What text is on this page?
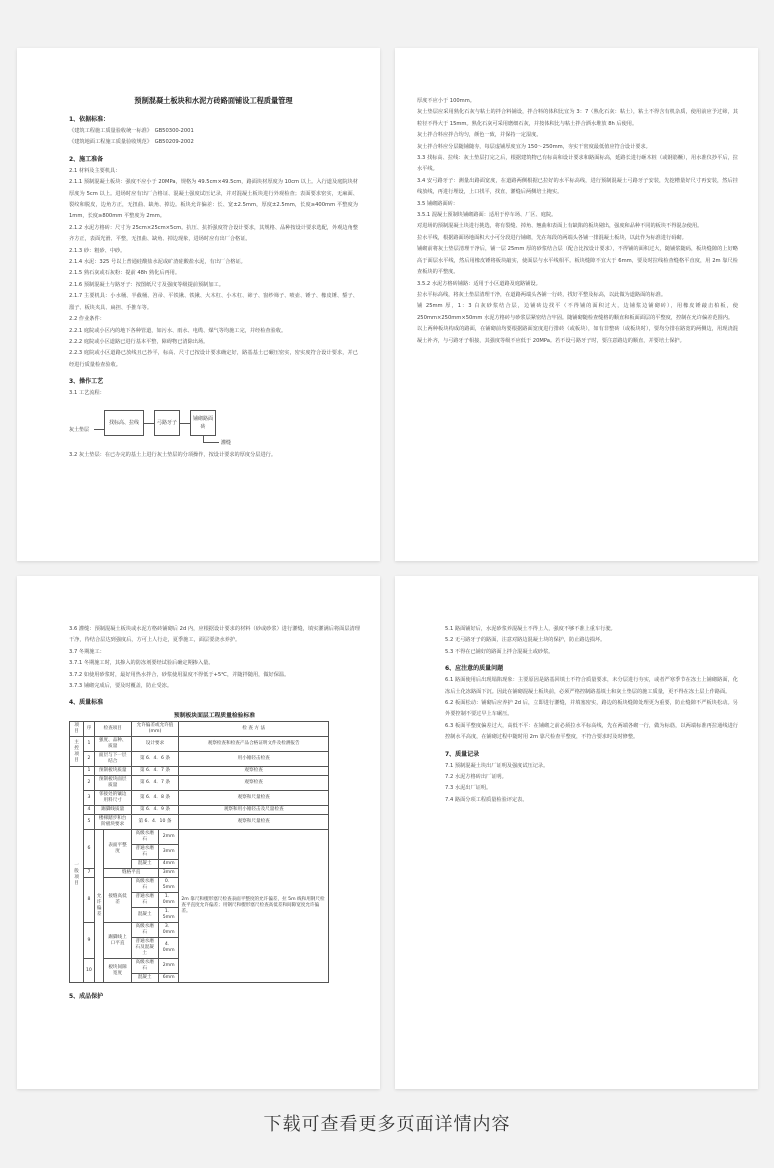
预制混凝土板块和水泥方砖路面铺设工程质量管理
1、依据标准：
《建筑工程施工质量验收统一标准》　GB50300-2001
《建筑地面工程施工质量验收规范》　GB50209-2002
2、施工准备
2.1 材料及主要机具：
2.1.1 预制混凝土板块：强度不应小于 20MPa，规格为 49.5cm×49.5cm，路面块材厚度为 10cm 以上。入行道及庭院块材厚度为 5cm 以上。进场时应有出厂合格证、混凝土强度试压记录，并对混凝土板块进行外观检查；表面要求密实，无麻面、裂纹和脱皮，边角方正，无扭曲、缺角、掉边。板块允许偏差：长、宽±2.5mm，厚度±2.5mm，长度≥400mm 平整度为 1mm，长度≥800mm 平整度为 2mm。
2.1.2 水泥方格砖：尺寸为 25cm×25cm×5cm。抗压、抗折强度符合设计要求，其规格、品种按设计要求选配，外观边角整齐方正，表面光滑、平整，无扭曲、缺角、掉边现象，进场时应有出厂合格证。
2.1.3 砂：粗砂、中砂。
2.1.4 水泥：325 号以上普通硅酸盐水泥或矿渣硅酸盐水泥，有出厂合格证。
2.1.5 熟石灰或石灰粉：提前 48h 熟化后再用。
2.1.6 预制混凝土与路牙子：按图纸尺寸及强度等级提前预制加工。
2.1.7 主要机具：小水桶、半截桶、笤帚、平铁锹、铁锹、大木杠、小木杠、筛子、窗纱筛子、喷壶、锤子、橡皮锤、錾子、溜子、板块夹具、扁担、手推车等。
2.2 作业条件：
2.2.1 庭院或小区内的地下各种管道，如污水、雨水、电缆、煤气等均施工完，并经检查验收。
2.2.2 庭院或小区道路已进行基本平整，障碍物已清除出场。
2.2.3 庭院或小区道路已放线且已抄平，标高、尺寸已按设计要求确定好，路基基土已碾压密实，密实度符合设计要求，并已经进行质量检查验收。
3、操作工艺
3.1 工艺流程：
灰土垫层
找标高、拉线	弓路牙子
铺砌路面砖
灌缝
3.2 灰土垫层：在已办完的基土上进行灰土垫层的分项操作，按设计要求的厚度分层进行。
厚度不应小于 100mm。
灰土垫层应采用熟化石灰与粘土的拌合料铺设，拌合料的体积比宜为 3：7（熟化石灰：粘土），粘土不得含有机杂质，使用前应予过筛，其粒径不得大于 15mm。熟化石灰可采用磨细石灰，并按体积比与粘土拌合洒水堆放 8h 后使用。
灰土拌合料应拌合均匀，颜色一致，并保持一定湿度。
灰土拌合料应分层随铺随夯，每层虚铺厚度宜为 150～250mm，夯实干密度最低值应符合设计要求。
3.3 找标高、拉线：灰土垫层打完之后，根据建筑物已有标高和设计要求和路面标高，延路长进行砸木桩（或钢筋橛），用水准仪抄平后，拉水平线。
3.4 安弓路牙子：测量出路面宽度，在道路两侧根据已拉好的水平标高线，进行预制混凝土弓路牙子安装，先挖槽量好尺寸再安装，然后挂线放线，再进行埋设，上口找平，找直，灌缝后两侧培土掩实。
3.5 铺砌路面砖：
3.5.1 混凝土预制块铺砌路面：适用于停车场、厂区、庭院。
对进场的预制混凝土块进行挑选，将有裂缝、掉角、翘曲和表面上有缺陷的板块剔出，强度和品种不同的板块不得混杂使用。
拉水平线，根据路面场地面积大小可分段进行铺砌，先在每段的两端头各铺一排混凝土板块，以此作为标准进行码砌。
铺砌前将灰土垫层清理干净后，铺一层 25mm 厚的砂浆结合层（配合比按设计要求），不得铺的面积过大，随铺浆随码，板块缝隙的上好略高于面层水平线，然后用橡皮锤将板块敲实，使面层与水平线相平。板块缝隙不宜大于 6mm，要及时拉线检查缝格平直度，用 2m 靠尺检查板块的平整度。
3.5.2 水泥方格砖铺路：适用于小区道路及庭路铺设。
拉水平标高线，将灰土垫层清理干净，在道路两端头各铺一行砖，找好平整及标高，以此做为道路面的标准。
铺 25mm 厚，1：3 白灰砂浆结合层，边铺砖边找平（不得铺的面积过大，边铺浆边铺砌砖），用橡皮锤敲击柏板，使 250mm×250mm×50mm 水泥方格砖与砂浆层紧密结合牢固。随铺砌随检查缝格的顺直和板面面层的平整度，控制在允许偏差范围内。
以上两种板块构成的路面，在铺砌前均要根据路面宽度进行排砖（或板块），如有非整砖（或板块时），要均分排在路宽的两侧边，用现浇混凝土补齐，与弓路牙子相接，其强度等级不应低于 20MPa。若不设弓路牙子时，要注意路边的顺直，并要培土保护。
3.6 灌缝：预制混凝土板块或水泥方格砖铺砌后 2d 内，应根据设计要求的材料（砂或砂浆）进行灌缝，填实灌满后将面层清理干净，待结合层达到强度后，方可上人行走，夏季施工，面层要浇水养护。
3.7 冬期施工：
3.7.1 冬期施工时，其掺入的防冻剂要经试验后确定期掺入量。
3.7.2 如使用砂浆时，最好用热水拌合，砂浆使用温度不得低于+5℃，并随拌随用，做好保温。
3.7.3 铺砌完成后，要及时覆盖，防止受冻。
4、质量标准
预制板块面层工程质量检验标准
项目	序	检查项目		允许偏差或允许值(mm)		检 查 方 法
主控项目	1	强度、品种、质量		设计要求		观察检查和检查产品合格证明文件及检测报告
	2	面层与下一层结合		第 6．4．6 条		用小锤轻击检查
一般项目	1	预制板块质量		第 6．4．7 条		观察检查
	2	预制板块面层质量		第 6．4．7 条		观察检查
	3	邻接处的镶边用料尺寸		第 6．4．8 条		观察和尺量检查
	4	踢脚线质量		第 6．4．9 条		观察和用小锤轻击及尺量检查
	5	楼梯踏步和台阶板块要求		第 6．4．10 条		观察和尺量检查
	6	允许偏差	表面平整度	高级水磨石	2mm	2m 靠尺和楔形塞尺检查表面平整度的允许偏差，拉 5m 线和用钢尺检查平直度允许偏差；用钢尺和楔形塞尺检查高低差和间隙宽度允许偏差。
				普通水磨石	3mm	
				混凝土	4mm	
	7		缝格平直		3mm	
	8		接缝高低差	高级水磨石	0．5mm	
				普通水磨石	1．0mm	
				混凝土	1．5mm	
	9		踢脚线上口平直	高级水磨石	3．0mm	
				普通水磨石及混凝土	4．0mm	
	10		板块间隙宽度	高级水磨石	2mm	
				混凝土	6mm	
5、成品保护
5.1 路面铺好后，水泥砂浆养混凝土不得上人，强度不够不准上重车行驶。
5.2 无弓路牙子的路面，注意对路边混凝土块的保护，防止路边损坏。
5.3 不得在已铺好的路面上拌合混凝土或砂浆。
6、应注意的质量问题
6.1 路面使用后出现塌陷现象：主要原因是路基回填土不符合质量要求，未分层进行夯实，或者严寒季节在冻土上铺砌路面，化冻后土化冻路面下沉。因此在铺砌混凝土板块前，必须严格控制路基填土和灰土垫层的施工质量，更不得在冻土层上作路面。
6.2 板面松动：铺砌后应养护 2d 后，立即进行灌缝，并填塞密实，路边的板块缝隙处理更为重要，防止缝隙不严板块松动。另外要控制不要过早上车碾压。
6.3 板面平整度偏差过大，高低不平：在铺砌之前必须拉水平标高线，先在两端各砌一行，做为标筋，以两端标准再拉通线进行控制水平高度，在铺砌过程中随时用 2m 靠尺检查平整度，不符合要求时及时修整。
7、质量记录
7.1 预制混凝土块出厂证明及强度试压记录。
7.2 水泥方格砖出厂证明。
7.3 水泥出厂证明。
7.4 路面分项工程质量检验评定表。
下载可查看更多页面详情内容
